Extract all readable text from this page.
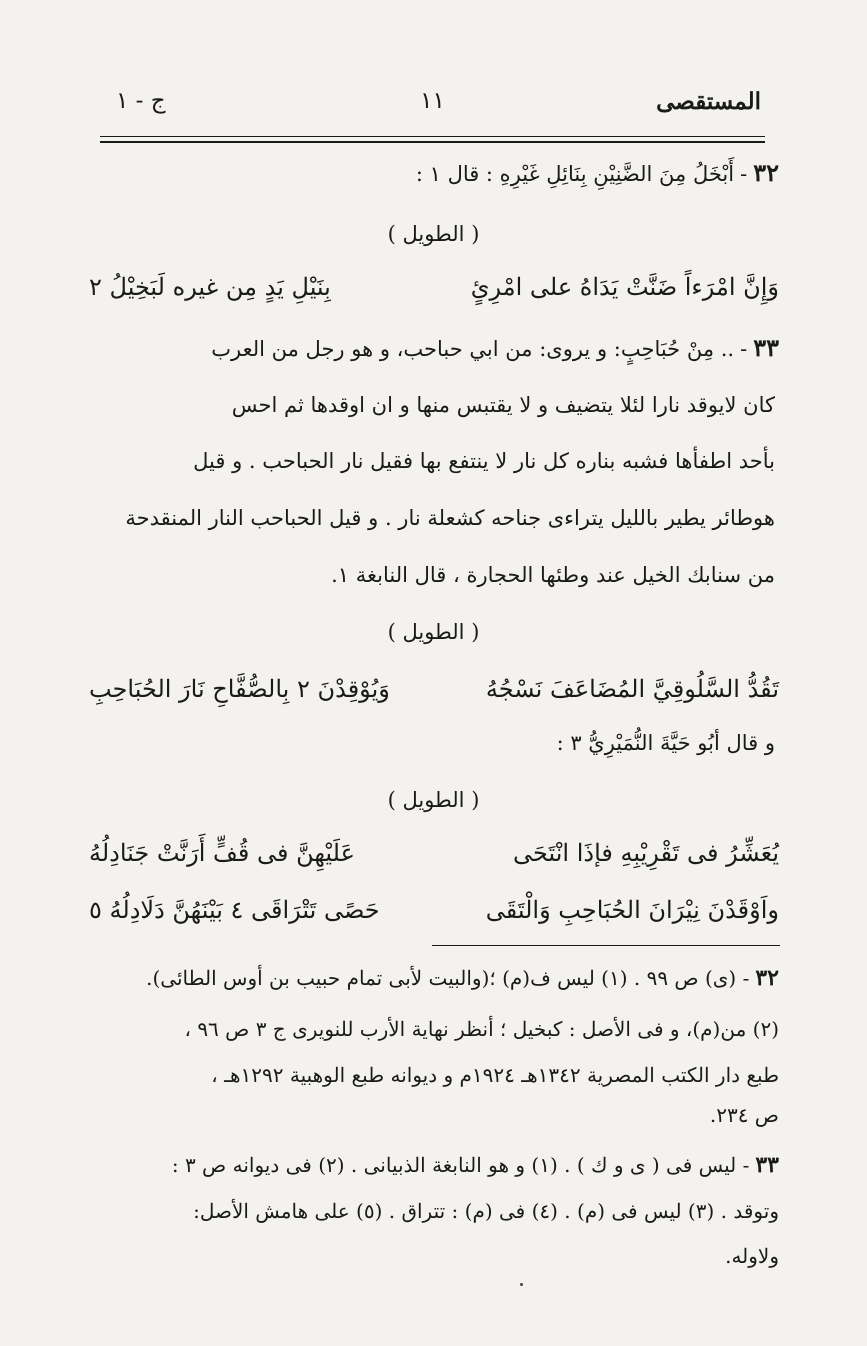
المستقصى
١١
ج - ١
٣٢-أَبْخَلُ مِنَ الضَّنِيْنِ بِنَائِلِ غَيْرِهِ : قال ١ :
( الطويل )
وَإِنَّ امْرَءاً ضَنَّتْ يَدَاهُ على امْرِئٍ
بِنَيْلِ يَدٍ مِن غيره لَبَخِيْلُ ٢
٣٣-.. مِنْ حُبَاحِبٍ: و يروى: من ابي حباحب، و هو رجل من العرب
كان لايوقد نارا لئلا يتضيف و لا يقتبس منها و ان اوقدها ثم احس
بأحد اطفأها فشبه بناره كل نار لا ينتفع بها فقيل نار الحباحب . و قيل
هوطائر يطير بالليل يتراءى جناحه كشعلة نار . و قيل الحباحب النار المنقدحة
من سنابك الخيل عند وطئها الحجارة ، قال النابغة ١.
( الطويل )
تَقُدُّ السَّلُوقِيَّ المُضَاعَفَ نَسْجُهُ
وَيُوْقِدْنَ ٢ بِالصُّفَّاحِ نَارَ الحُبَاحِبِ
و قال أبُو حَيَّةَ النُّمَيْرِيُّ ٣ :
( الطويل )
يُعَشِّرُ فى تَقْرِيْبِهِ فإذَا انْتَحَى
عَلَيْهِنَّ فى قُفٍّ أَرَنَّتْ جَنَادِلُهُ
واَوْقَدْنَ نِيْرَانَ الحُبَاحِبِ وَالْتَقَى
حَصًى تَتْرَاقَى ٤ بَيْنَهُنَّ دَلَادِلُهُ ٥
٣٢- (ى) ص ٩٩ . (١) ليس ف(م) ؛(والبيت لأبى تمام حبيب بن أوس الطائى).
(٢) من(م)، و فى الأصل : كبخيل ؛ أنظر نهاية الأرب للنويرى ج ٣ ص ٩٦ ،
طبع دار الكتب المصرية ١٣٤٢هـ ١٩٢٤م و ديوانه طبع الوهبية ١٢٩٢هـ ،
ص ٢٣٤.
٣٣- ليس فى ( ى و ك ) . (١) و هو النابغة الذبيانى . (٢) فى ديوانه ص ٣ :
وتوقد . (٣) ليس فى (م) . (٤) فى (م) : تتراق . (٥) على هامش الأصل:
ولاوله.
